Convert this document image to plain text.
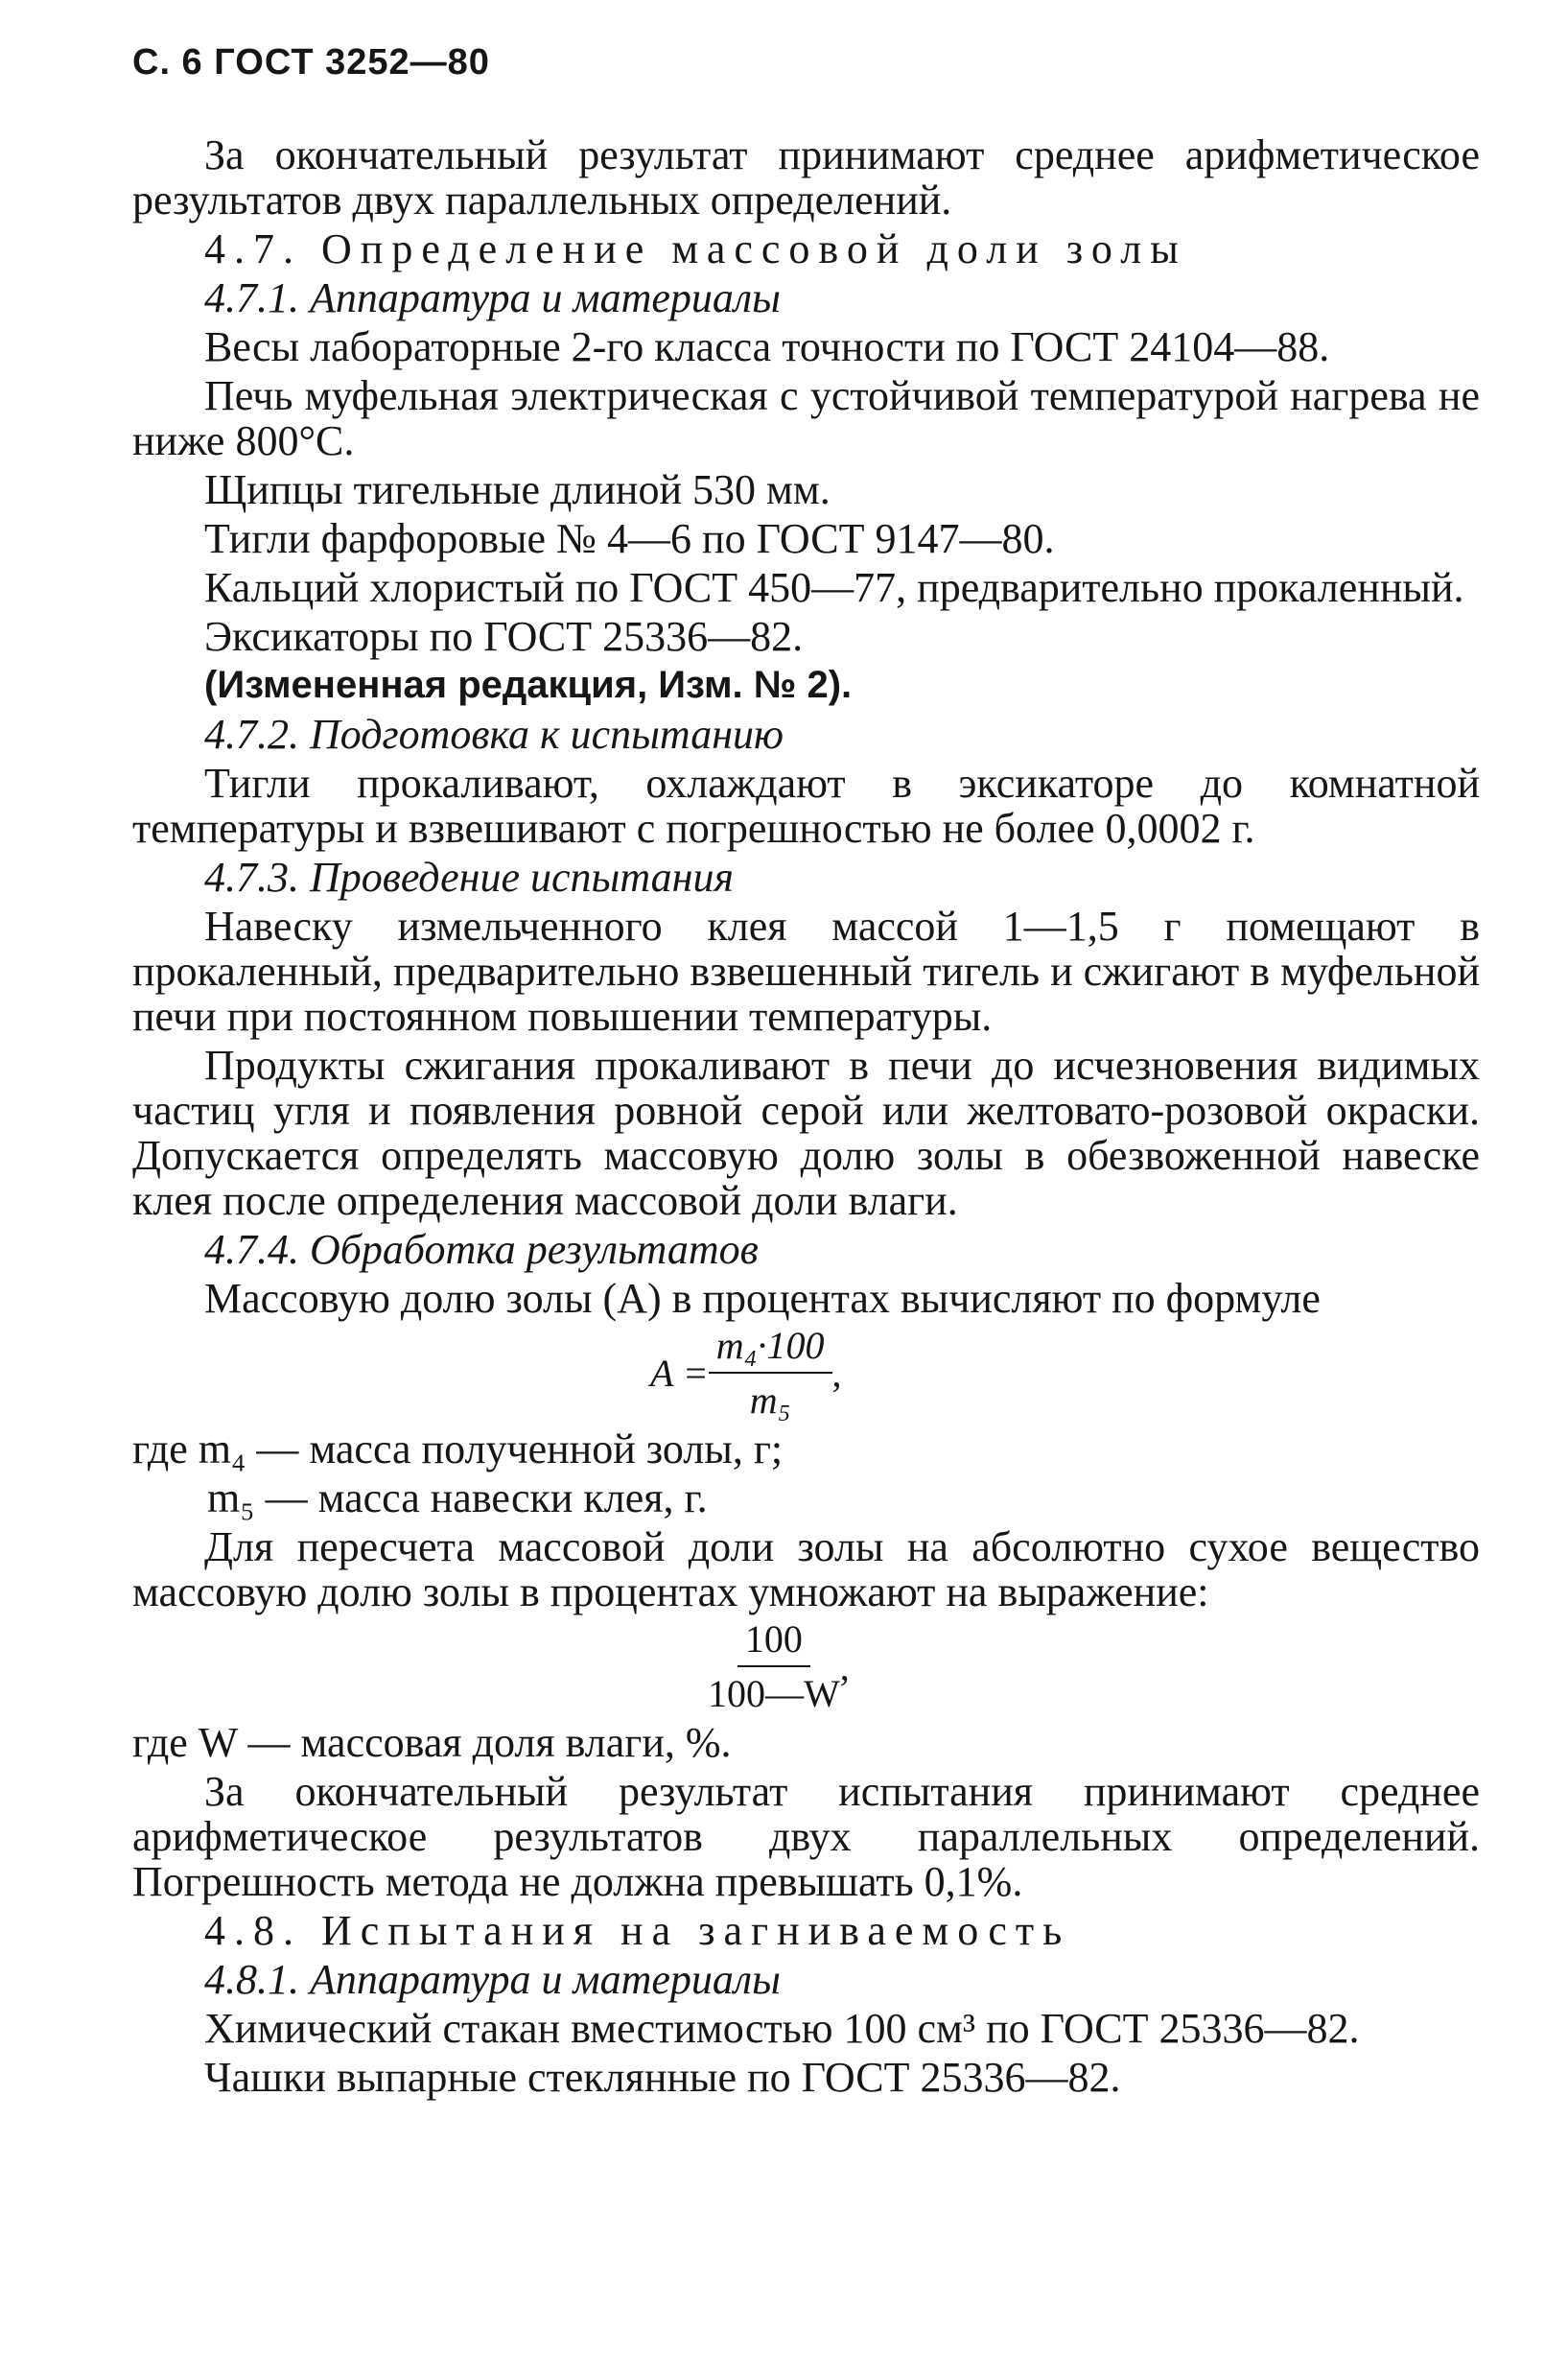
С. 6 ГОСТ 3252—80

За окончательный результат принимают среднее арифметическое результатов двух параллельных определений.

4.7. Определение массовой доли золы

4.7.1. Аппаратура и материалы

Весы лабораторные 2-го класса точности по ГОСТ 24104—88.

Печь муфельная электрическая с устойчивой температурой нагрева не ниже 800°С.

Щипцы тигельные длиной 530 мм.

Тигли фарфоровые № 4—6 по ГОСТ 9147—80.

Кальций хлористый по ГОСТ 450—77, предварительно прокаленный.

Эксикаторы по ГОСТ 25336—82.

(Измененная редакция, Изм. № 2).

4.7.2. Подготовка к испытанию

Тигли прокаливают, охлаждают в эксикаторе до комнатной температуры и взвешивают с погрешностью не более 0,0002 г.

4.7.3. Проведение испытания

Навеску измельченного клея массой 1—1,5 г помещают в прокаленный, предварительно взвешенный тигель и сжигают в муфельной печи при постоянном повышении температуры.

Продукты сжигания прокаливают в печи до исчезновения видимых частиц угля и появления ровной серой или желтовато-розовой окраски. Допускается определять массовую долю золы в обезвоженной навеске клея после определения массовой доли влаги.

4.7.4. Обработка результатов

Массовую долю золы (A) в процентах вычисляют по формуле

$A = \frac{\text{m₄·100}}{\text{m₅}}$ ,

где m₄ — масса полученной золы, г;

m₅ — масса навески клея, г.

Для пересчета массовой доли золы на абсолютно сухое вещество массовую долю золы в процентах умножают на выражение:

$\frac{100}{100—W}$ ,

где W — массовая доля влаги, %.

За окончательный результат испытания принимают среднее арифметическое результатов двух параллельных определений. Погрешность метода не должна превышать 0,1%.

4.8. Испытания на загниваемость

4.8.1. Аппаратура и материалы

Химический стакан вместимостью 100 см³ по ГОСТ 25336—82.

Чашки выпарные стеклянные по ГОСТ 25336—82.
